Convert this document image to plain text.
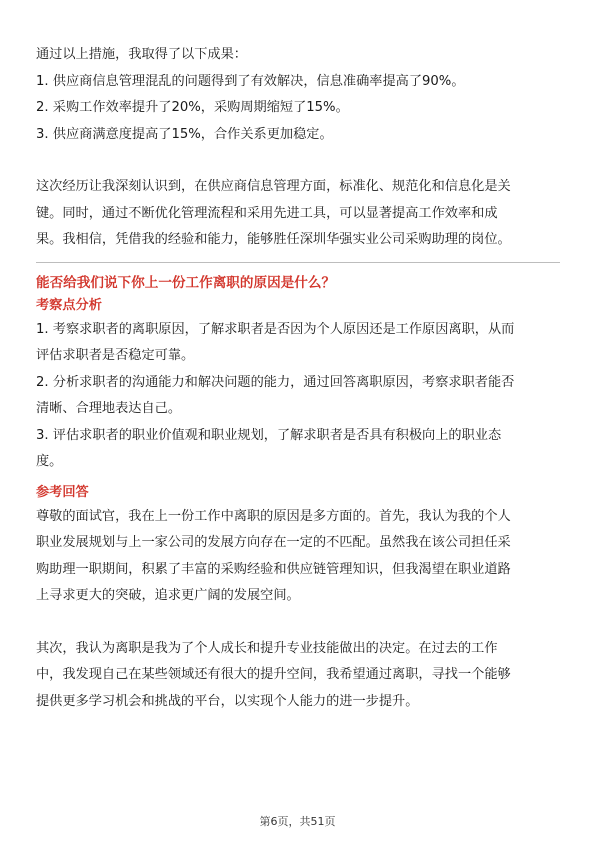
通过以上措施，我取得了以下成果：

1. 供应商信息管理混乱的问题得到了有效解决，信息准确率提高了90%。

2. 采购工作效率提升了20%，采购周期缩短了15%。

3. 供应商满意度提高了15%，合作关系更加稳定。

这次经历让我深刻认识到，在供应商信息管理方面，标准化、规范化和信息化是关

键。同时，通过不断优化管理流程和采用先进工具，可以显著提高工作效率和成

果。我相信，凭借我的经验和能力，能够胜任深圳华强实业公司采购助理的岗位。

能否给我们说下你上一份工作离职的原因是什么？

考察点分析

1. 考察求职者的离职原因，了解求职者是否因为个人原因还是工作原因离职，从而

评估求职者是否稳定可靠。

2. 分析求职者的沟通能力和解决问题的能力，通过回答离职原因，考察求职者能否

清晰、合理地表达自己。

3. 评估求职者的职业价值观和职业规划，了解求职者是否具有积极向上的职业态

度。

参考回答

尊敬的面试官，我在上一份工作中离职的原因是多方面的。首先，我认为我的个人

职业发展规划与上一家公司的发展方向存在一定的不匹配。虽然我在该公司担任采

购助理一职期间，积累了丰富的采购经验和供应链管理知识，但我渴望在职业道路

上寻求更大的突破，追求更广阔的发展空间。

其次，我认为离职是我为了个人成长和提升专业技能做出的决定。在过去的工作

中，我发现自己在某些领域还有很大的提升空间，我希望通过离职，寻找一个能够

提供更多学习机会和挑战的平台，以实现个人能力的进一步提升。

第6页，共51页
